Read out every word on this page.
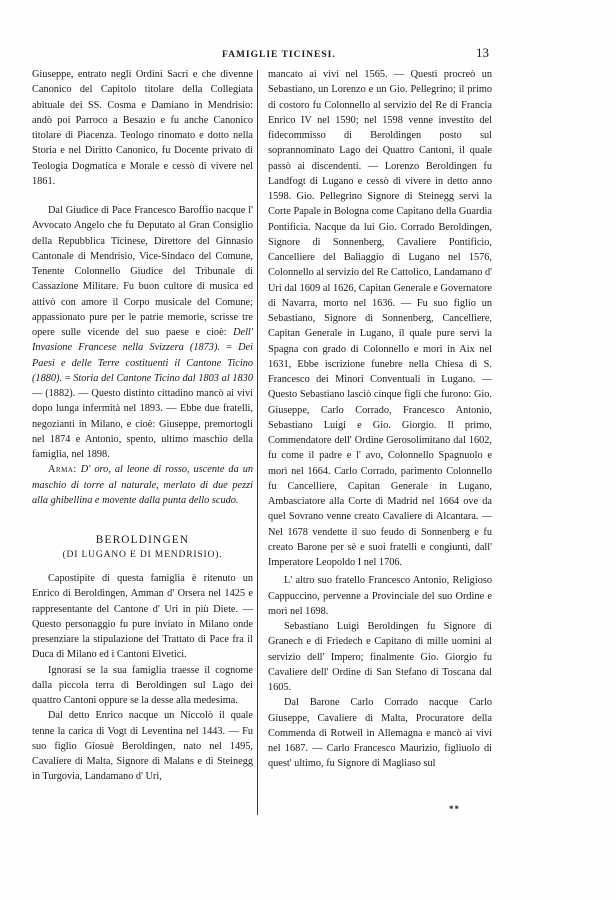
FAMIGLIE TICINESI.	13

Giuseppe, entrato negli Ordini Sacri e che divenne Canonico del Capitolo titolare della Collegiata abituale dei SS. Cosma e Damiano in Mendrisio: andò poi Parroco a Besazio e fu anche Canonico titolare di Piacenza. Teologo rinomato e dotto nella Storia e nel Diritto Canonico, fu Docente privato di Teologia Dogmatica e Morale e cessò di vivere nel 1861.

Dal Giudice di Pace Francesco Baroffio nacque l' Avvocato Angelo che fu Deputato al Gran Consiglio della Repubblica Ticinese, Direttore del Ginnasio Cantonale di Mendrisio, Vice-Sindaco del Comune, Tenente Colonnello Giudice del Tribunale di Cassazione Militare. Fu buon cultore di musica ed attivò con amore il Corpo musicale del Comune; appassionato pure per le patrie memorie, scrisse tre opere sulle vicende del suo paese e cioè: Dell' Invasione Francese nella Svizzera (1873). = Dei Paesi e delle Terre costituenti il Cantone Ticino (1880). = Storia del Cantone Ticino dal 1803 al 1830 — (1882). — Questo distinto cittadino mancò ai vivi dopo lunga infermità nel 1893. — Ebbe due fratelli, negozianti in Milano, e cioè: Giuseppe, premortogli nel 1874 e Antonio, spento, ultimo maschio della famiglia, nel 1898.

Arma: D' oro, al leone di rosso, uscente da un maschio di torre al naturale, merlato di due pezzi alla ghibellina e movente dalla punta dello scudo.

BEROLDINGEN

(DI LUGANO E DI MENDRISIO).

Capostipite di questa famiglia è ritenuto un Enrico di Beroldingen, Amman d' Orsera nel 1425 e rappresentante del Cantone d' Uri in più Diete. — Questo personaggio fu pure inviato in Milano onde presenziare la stipulazione del Trattato di Pace fra il Duca di Milano ed i Cantoni Elvetici.

Ignorasi se la sua famiglia traesse il cognome dalla piccola terra di Beroldingen sul Lago dei quattro Cantoni oppure se la desse alla medesima.

Dal detto Enrico nacque un Niccolò il quale tenne la carica di Vogt di Leventina nel 1443. — Fu suo figlio Giosuè Beroldingen, nato nel 1495, Cavaliere di Malta, Signore di Malans e di Steinegg in Turgovia, Landamano d' Uri,

mancato ai vivi nel 1565. — Questi procreò un Sebastiano, un Lorenzo e un Gio. Pellegrino; il primo di costoro fu Colonnello al servizio del Re di Francia Enrico IV nel 1590; nel 1598 venne investito del fidecommisso di Beroldingen posto sul soprannominato Lago dei Quattro Cantoni, il quale passò ai discendenti. — Lorenzo Beroldingen fu Landfogt di Lugano e cessò di vivere in detto anno 1598. Gio. Pellegrino Signore di Steinegg servì la Corte Papale in Bologna come Capitano della Guardia Pontificia. Nacque da lui Gio. Corrado Beroldingen, Signore di Sonnenberg, Cavaliere Pontificio, Cancelliere del Baliaggio di Lugano nel 1576, Colonnello al servizio del Re Cattolico, Landamano d' Uri dal 1609 al 1626, Capitan Generale e Governatore di Navarra, morto nel 1636. — Fu suo figlio un Sebastiano, Signore di Sonnenberg, Cancelliere, Capitan Generale in Lugano, il quale pure servì la Spagna con grado di Colonnello e morì in Aix nel 1631, Ebbe iscrizione funebre nella Chiesa di S. Francesco dei Minori Conventuali in Lugano. — Questo Sebastiano lasciò cinque figli che furono: Gio. Giuseppe, Carlo Corrado, Francesco Antonio, Sebastiano Luigi e Gio. Giorgio. Il primo, Commendatore dell' Ordine Gerosolimitano dal 1602, fu come il padre e l' avo, Colonnello Spagnuolo e morì nel 1664. Carlo Corrado, parimento Colonnello fu Cancelliere, Capitan Generale in Lugano, Ambasciatore alla Corte di Madrid nel 1664 ove da quel Sovrano venne creato Cavaliere di Alcantara. — Nel 1678 vendette il suo feudo di Sonnenberg e fu creato Barone per sè e suoi fratelli e congiunti, dall' Imperatore Leopoldo I nel 1706.

L' altro suo fratello Francesco Antonio, Religioso Cappuccino, pervenne a Provinciale del suo Ordine e morì nel 1698.

Sebastiano Luigi Beroldingen fu Signore di Granech e di Friedech e Capitano di mille uomini al servizio dell' Impero; finalmente Gio. Giorgio fu Cavaliere dell' Ordine di San Stefano di Toscana dal 1605.

Dal Barone Carlo Corrado nacque Carlo Giuseppe, Cavaliere di Malta, Procuratore della Commenda di Rotweil in Allemagna e mancò ai vivi nel 1687. — Carlo Francesco Maurizio, figliuolo di quest' ultimo, fu Signore di Magliaso sul

**
